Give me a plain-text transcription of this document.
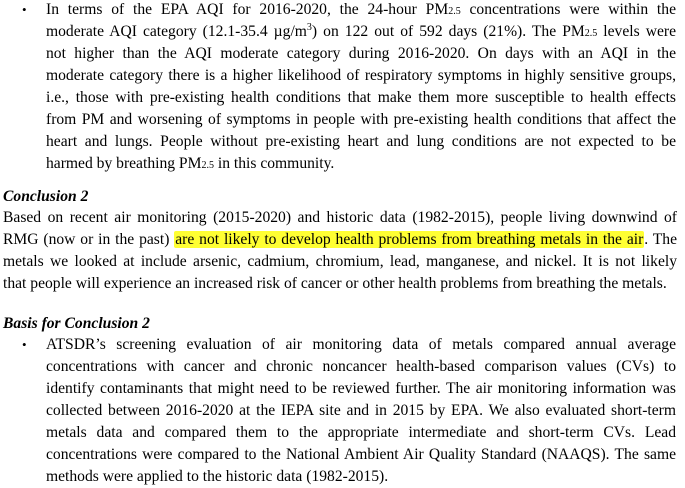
• In terms of the EPA AQI for 2016-2020, the 24-hour PM2.5 concentrations were within the
moderate AQI category (12.1-35.4 $\mu g/m^3$) on 122 out of 592 days (21%). The PM2.5 levels were
not higher than the AQI moderate category during 2016-2020. On days with an AQI in the
moderate category there is a higher likelihood of respiratory symptoms in highly sensitive groups,
i.e., those with pre-existing health conditions that make them more susceptible to health effects
from PM and worsening of symptoms in people with pre-existing health conditions that affect the
heart and lungs. People without pre-existing heart and lung conditions are not expected to be
harmed by breathing PM2.5 in this community.
Conclusion 2
Based on recent air monitoring (2015-2020) and historic data (1982-2015), people living downwind of
RMG (now or in the past) are not likely to develop health problems from breathing metals in the air. The
metals we looked at include arsenic, cadmium, chromium, lead, manganese, and nickel. It is not likely
that people will experience an increased risk of cancer or other health problems from breathing the metals.
Basis for Conclusion 2
• ATSDR’s screening evaluation of air monitoring data of metals compared annual average
concentrations with cancer and chronic noncancer health-based comparison values (CVs) to
identify contaminants that might need to be reviewed further. The air monitoring information was
collected between 2016-2020 at the IEPA site and in 2015 by EPA. We also evaluated short-term
metals data and compared them to the appropriate intermediate and short-term CVs. Lead
concentrations were compared to the National Ambient Air Quality Standard (NAAQS). The same
methods were applied to the historic data (1982-2015).
